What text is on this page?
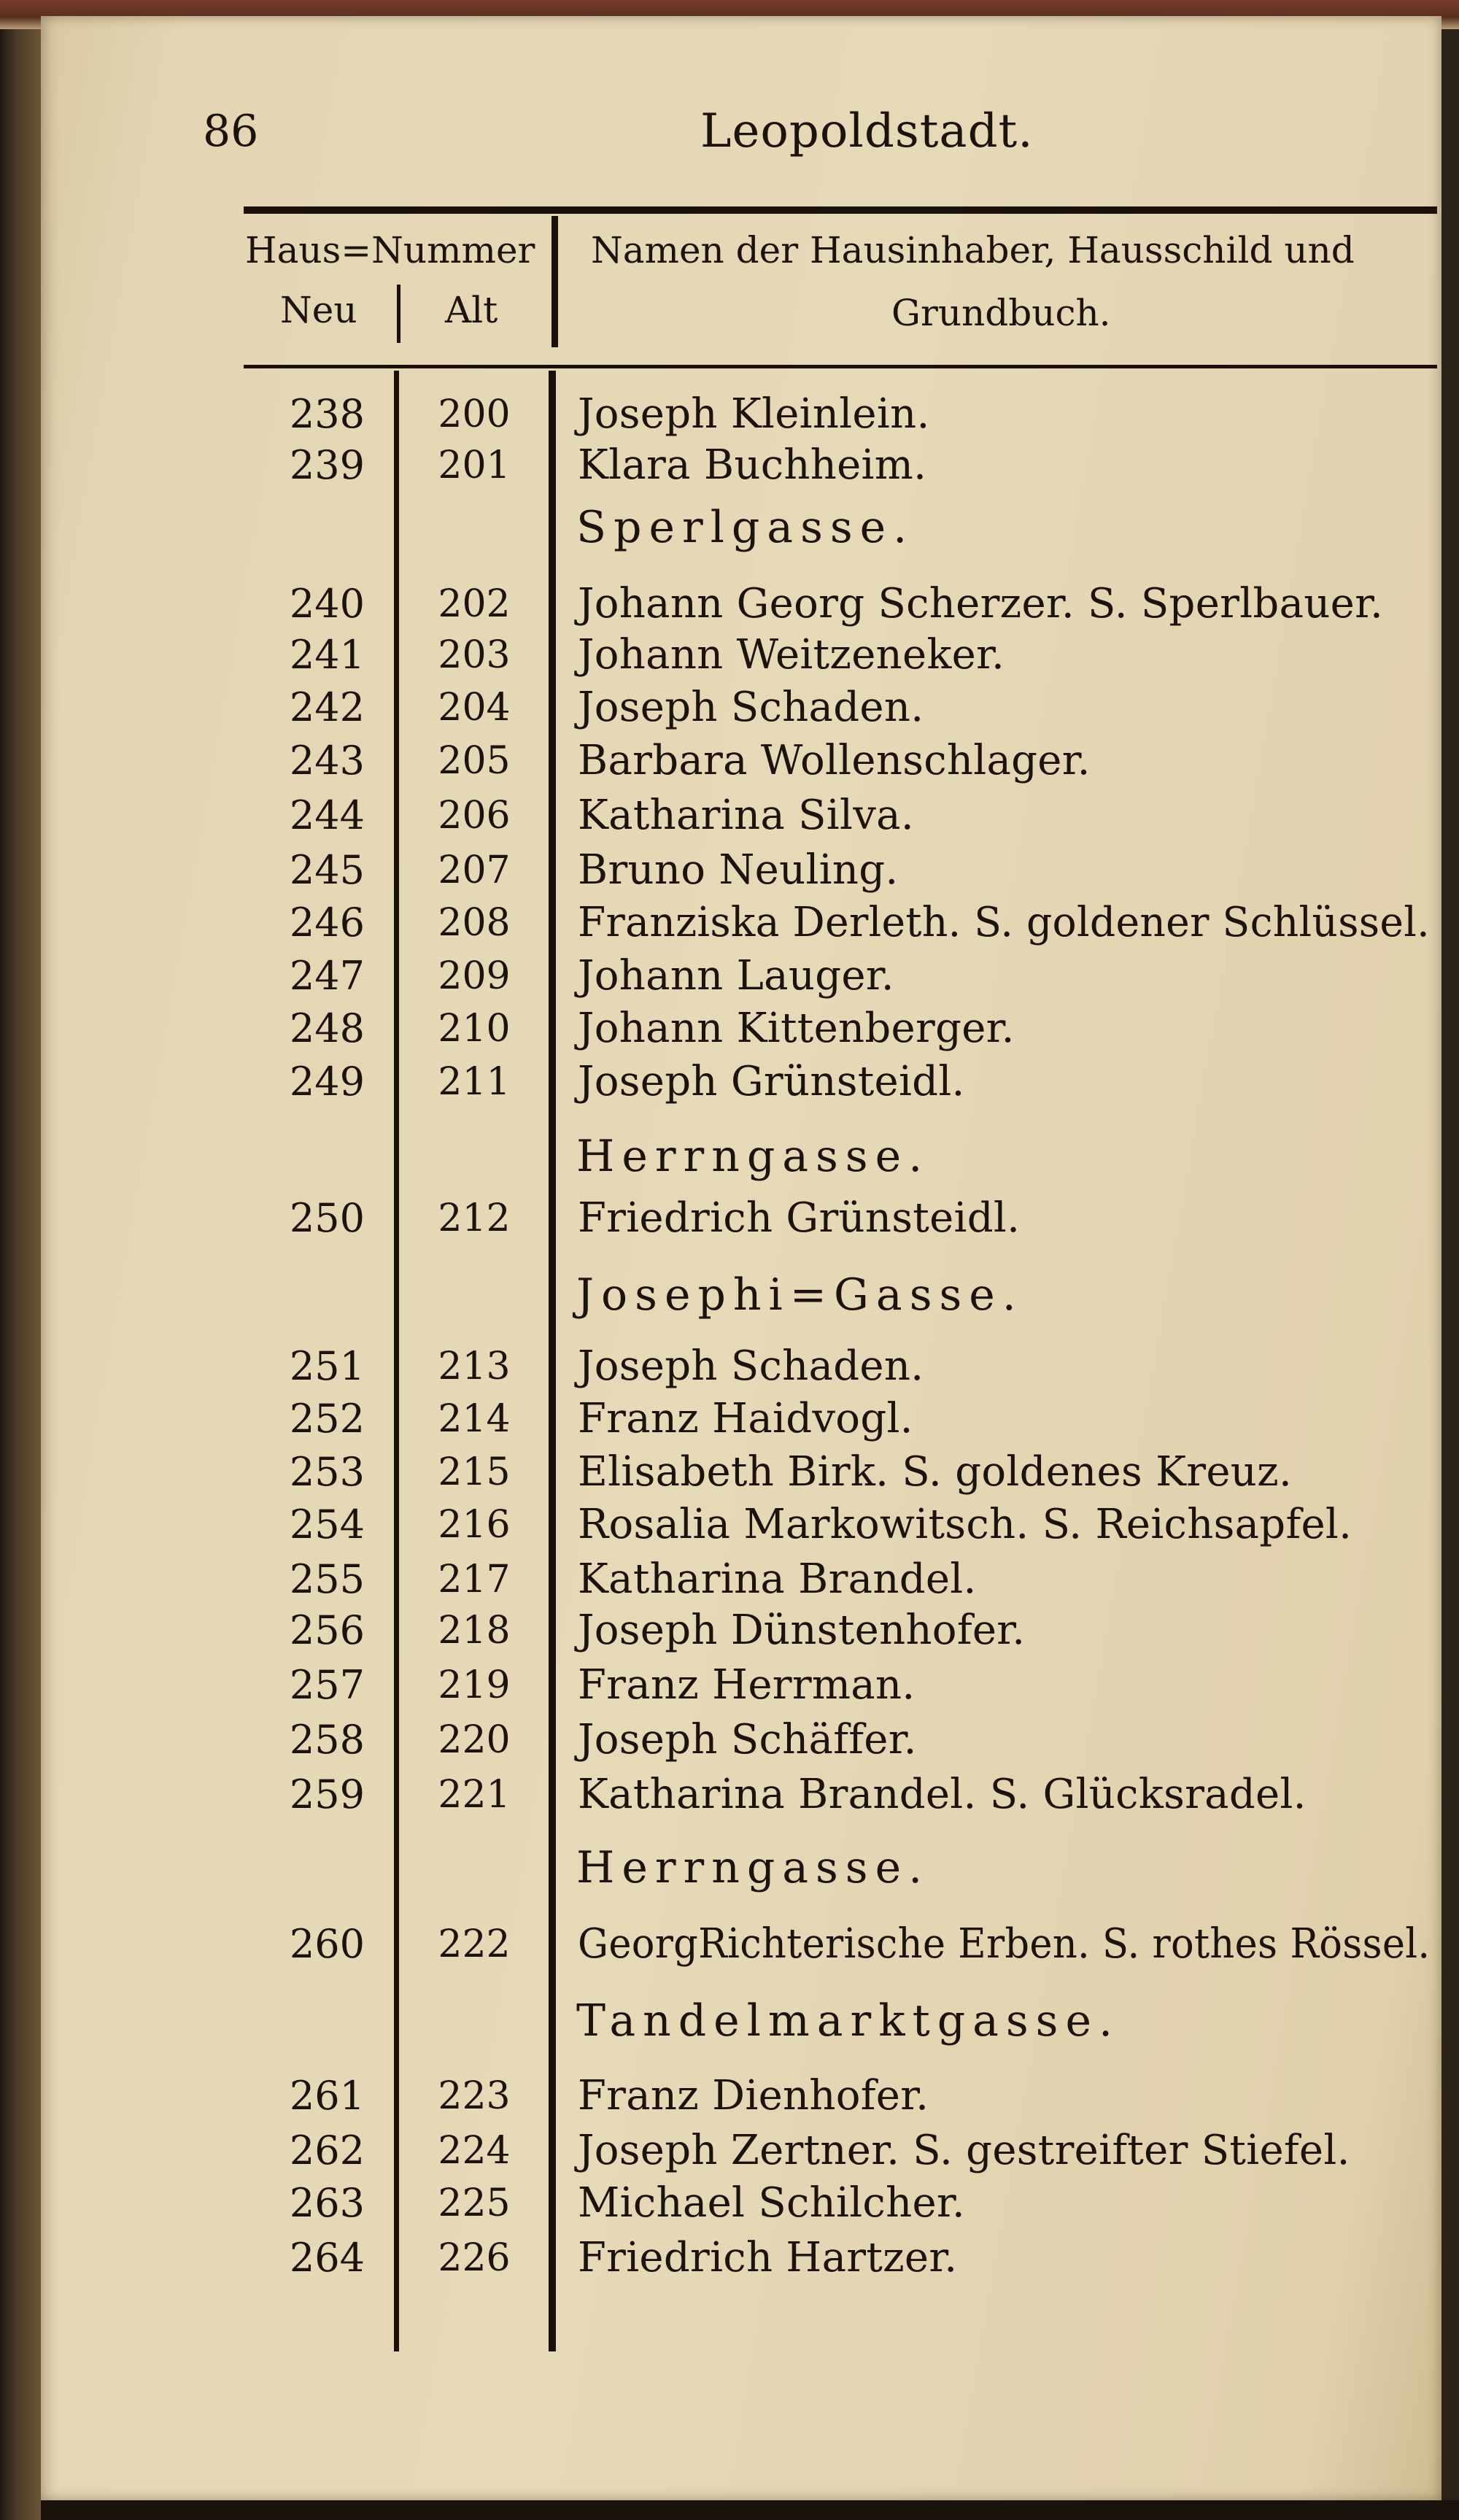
86	Leopoldstadt.
Haus=Nummer
Neu Alt
Namen der Hausinhaber, Hausschild und
Grundbuch.
238	200	Joseph Kleinlein.
239	201	Klara Buchheim.
Sperlgasse.
240	202	Johann Georg Scherzer. S. Sperlbauer.
241	203	Johann Weitzeneker.
242	204	Joseph Schaden.
243	205	Barbara Wollenschlager.
244	206	Katharina Silva.
245	207	Bruno Neuling.
246	208	Franziska Derleth. S. goldener Schlüssel.
247	209	Johann Lauger.
248	210	Johann Kittenberger.
249	211	Joseph Grünsteidl.
Herrngasse.
250	212	Friedrich Grünsteidl.
Josephi=Gasse.
251	213	Joseph Schaden.
252	214	Franz Haidvogl.
253	215	Elisabeth Birk. S. goldenes Kreuz.
254	216	Rosalia Markowitsch. S. Reichsapfel.
255	217	Katharina Brandel.
256	218	Joseph Dünstenhofer.
257	219	Franz Herrman.
258	220	Joseph Schäffer.
259	221	Katharina Brandel. S. Glücksradel.
Herrngasse.
260	222	GeorgRichterische Erben. S. rothes Rössel.
Tandelmarktgasse.
261	223	Franz Dienhofer.
262	224	Joseph Zertner. S. gestreifter Stiefel.
263	225	Michael Schilcher.
264	226	Friedrich Hartzer.
